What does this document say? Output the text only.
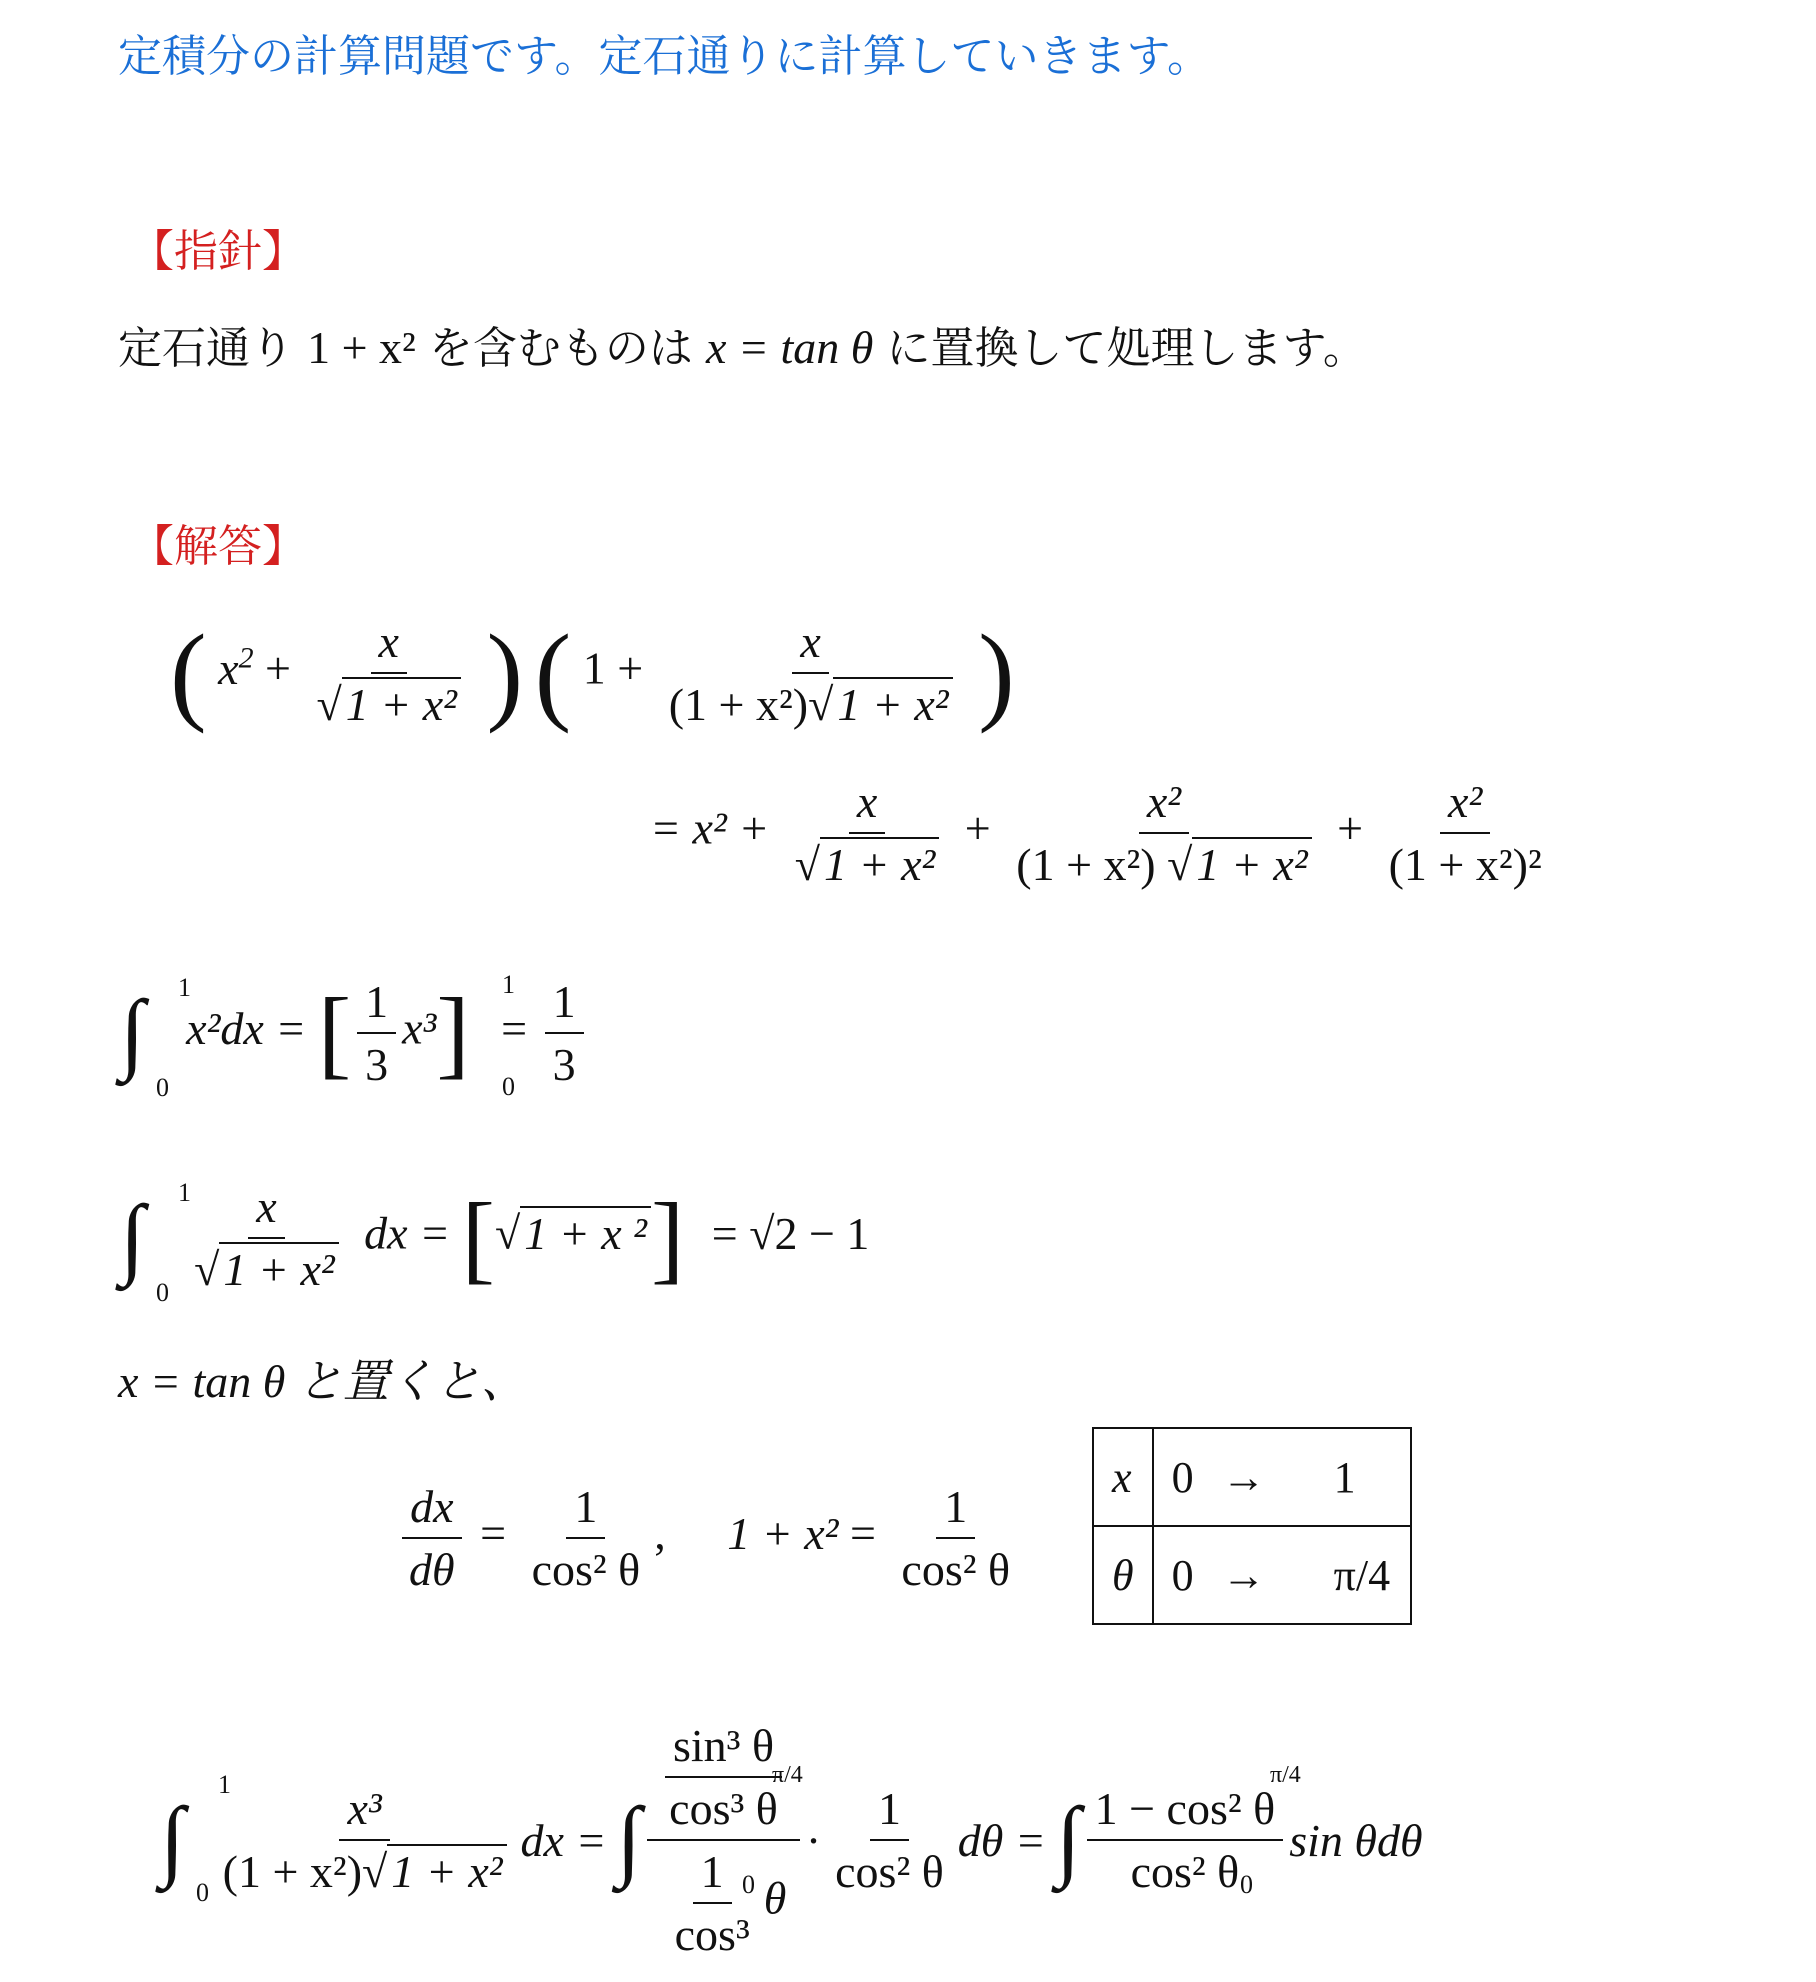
定積分の計算問題です。定石通りに計算していきます。
【指針】
定石通り 1 + x² を含むものは x = tan θ に置換して処理します。
【解答】
( $x^2 + \frac{x}{\text{√1 + x²}}$ ) ( $1 + \frac{x}{\text{(1 + x²)√1 + x²}}$ )
= $x^2 + \frac{x}{\text{√1 + x²}} + \frac{\text{x²}}{\text{(1 + x²) √1 + x²}} + \frac{\text{x²}}{\text{(1 + x²)²}}$
∫ 1
0
x²dx = [ $\frac{1}{3} x^3] = \frac{1}{3}$
1
0
∫ 1
$0 \frac{x}{\text{√1 + x²}}$ dx = [√1 + x ²] = √2 − 1
x = tan θ と置くと、
$\frac{dx}{d\theta} = \frac{1}{\text{cos² θ}}$ , $1 + x^2 = \frac{1}{\text{cos² θ}}$
x	0 → 1
θ	0 → π/4
∫
1
$0 \frac{\text{x³}}{\text{(1 + x²)√1 + x²}}$ dx = ∫ $\frac{\frac{\text{sin³ θ}}{\text{cos³ θ}}}{\frac{1}{\text{cos³}} \theta} \cdot \frac{1}{\text{cos² θ}}$ dθ = ∫ $\frac{\text{1 − cos² θ}}{\text{cos² θ}}$ sin θdθ
π/4
0
π/4
0
